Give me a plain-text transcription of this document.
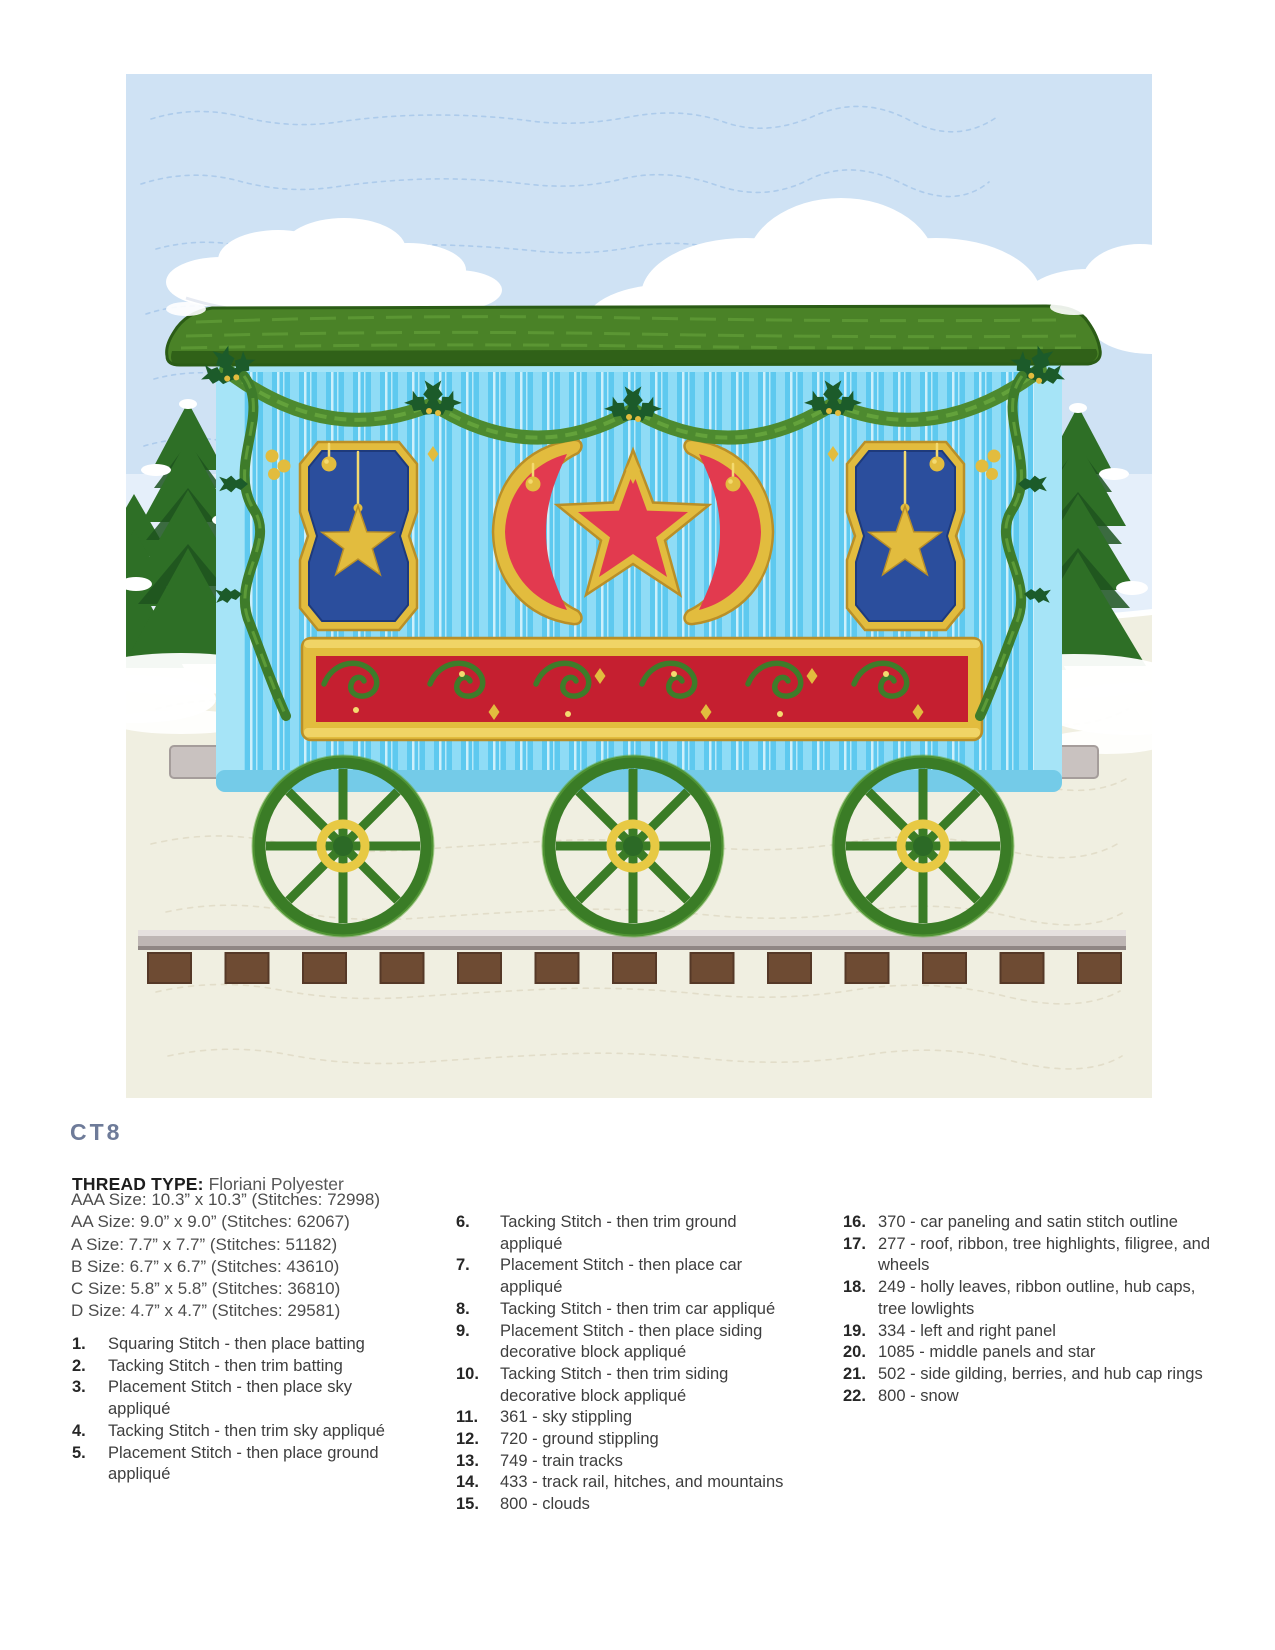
CT8

THREAD TYPE: Floriani Polyester

AAA Size: 10.3” x 10.3” (Stitches: 72998)
AA Size: 9.0” x 9.0” (Stitches: 62067)
A Size: 7.7” x 7.7” (Stitches: 51182)
B Size: 6.7” x 6.7” (Stitches: 43610)
C Size: 5.8” x 5.8” (Stitches: 36810)
D Size: 4.7” x 4.7” (Stitches: 29581)
1.	Squaring Stitch - then place batting
2.	Tacking Stitch - then trim batting
3.	Placement Stitch - then place sky appliqué
4.	Tacking Stitch - then trim sky appliqué
5.	Placement Stitch - then place ground appliqué
6.	Tacking Stitch - then trim ground appliqué
7.	Placement Stitch - then place car appliqué
8.	Tacking Stitch - then trim car appliqué
9.	Placement Stitch - then place siding decorative block appliqué
10.	Tacking Stitch - then trim siding decorative block appliqué
11.	361 - sky stippling
12.	720 - ground stippling
13.	749 - train tracks
14.	433 - track rail, hitches, and mountains
15.	800 - clouds
16. 370 - car paneling and satin stitch outline
17. 277 - roof, ribbon, tree highlights, filigree, and wheels
18. 249 - holly leaves, ribbon outline, hub caps, tree lowlights
19. 334 - left and right panel
20. 1085 - middle panels and star
21. 502 - side gilding, berries, and hub cap rings
22. 800 - snow
